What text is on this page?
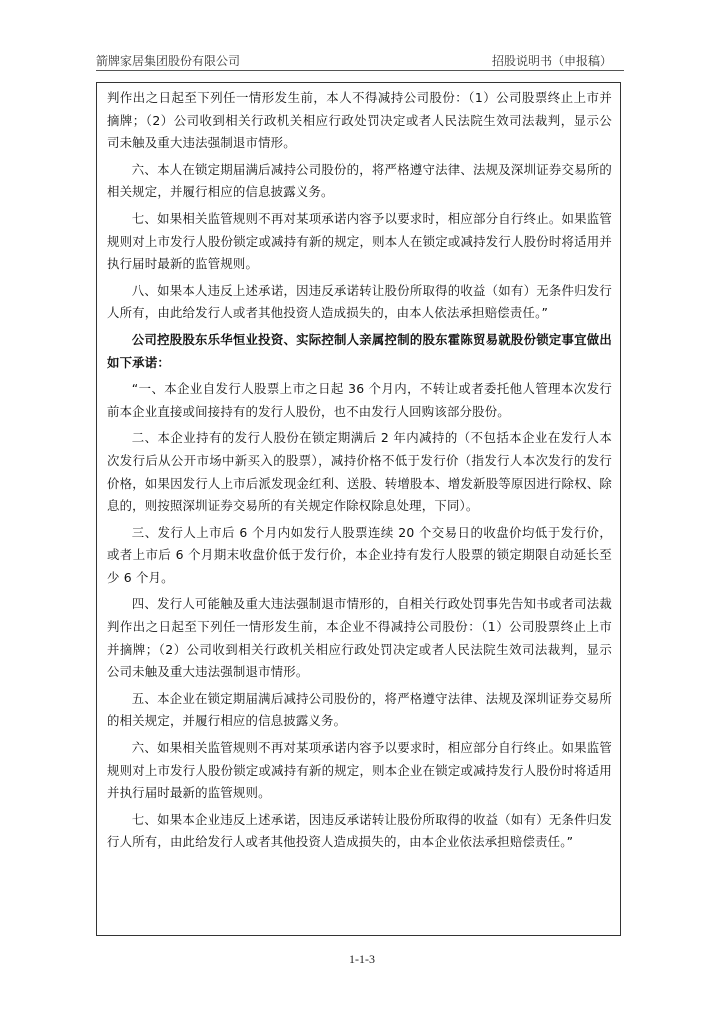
箭牌家居集团股份有限公司	招股说明书（申报稿）

判作出之日起至下列任一情形发生前，本人不得减持公司股份：（1）公司股票终止上市并摘牌；（2）公司收到相关行政机关相应行政处罚决定或者人民法院生效司法裁判，显示公司未触及重大违法强制退市情形。

六、本人在锁定期届满后减持公司股份的，将严格遵守法律、法规及深圳证券交易所的相关规定，并履行相应的信息披露义务。

七、如果相关监管规则不再对某项承诺内容予以要求时，相应部分自行终止。如果监管规则对上市发行人股份锁定或减持有新的规定，则本人在锁定或减持发行人股份时将适用并执行届时最新的监管规则。

八、如果本人违反上述承诺，因违反承诺转让股份所取得的收益（如有）无条件归发行人所有，由此给发行人或者其他投资人造成损失的，由本人依法承担赔偿责任。”

公司控股股东乐华恒业投资、实际控制人亲属控制的股东霍陈贸易就股份锁定事宜做出如下承诺：

“一、本企业自发行人股票上市之日起 36 个月内，不转让或者委托他人管理本次发行前本企业直接或间接持有的发行人股份，也不由发行人回购该部分股份。

二、本企业持有的发行人股份在锁定期满后 2 年内减持的（不包括本企业在发行人本次发行后从公开市场中新买入的股票），减持价格不低于发行价（指发行人本次发行的发行价格，如果因发行人上市后派发现金红利、送股、转增股本、增发新股等原因进行除权、除息的，则按照深圳证券交易所的有关规定作除权除息处理，下同）。

三、发行人上市后 6 个月内如发行人股票连续 20 个交易日的收盘价均低于发行价，或者上市后 6 个月期末收盘价低于发行价，本企业持有发行人股票的锁定期限自动延长至少 6 个月。

四、发行人可能触及重大违法强制退市情形的，自相关行政处罚事先告知书或者司法裁判作出之日起至下列任一情形发生前，本企业不得减持公司股份：（1）公司股票终止上市并摘牌；（2）公司收到相关行政机关相应行政处罚决定或者人民法院生效司法裁判，显示公司未触及重大违法强制退市情形。

五、本企业在锁定期届满后减持公司股份的，将严格遵守法律、法规及深圳证券交易所的相关规定，并履行相应的信息披露义务。

六、如果相关监管规则不再对某项承诺内容予以要求时，相应部分自行终止。如果监管规则对上市发行人股份锁定或减持有新的规定，则本企业在锁定或减持发行人股份时将适用并执行届时最新的监管规则。

七、如果本企业违反上述承诺，因违反承诺转让股份所取得的收益（如有）无条件归发行人所有，由此给发行人或者其他投资人造成损失的，由本企业依法承担赔偿责任。”

1-1-3
